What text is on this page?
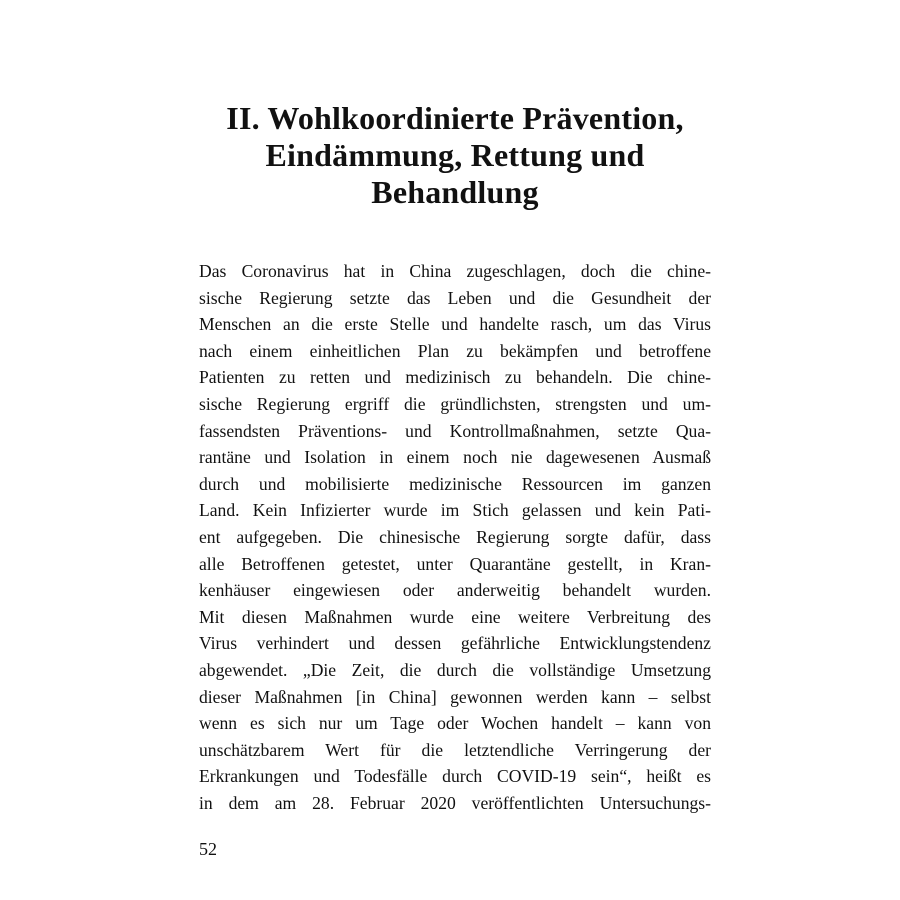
II. Wohlkoordinierte Prävention,
Eindämmung, Rettung und
Behandlung
Das Coronavirus hat in China zugeschlagen, doch die chine-
sische Regierung setzte das Leben und die Gesundheit der
Menschen an die erste Stelle und handelte rasch, um das Virus
nach einem einheitlichen Plan zu bekämpfen und betroffene
Patienten zu retten und medizinisch zu behandeln. Die chine-
sische Regierung ergriff die gründlichsten, strengsten und um-
fassendsten Präventions- und Kontrollmaßnahmen, setzte Qua-
rantäne und Isolation in einem noch nie dagewesenen Ausmaß
durch und mobilisierte medizinische Ressourcen im ganzen
Land. Kein Infizierter wurde im Stich gelassen und kein Pati-
ent aufgegeben. Die chinesische Regierung sorgte dafür, dass
alle Betroffenen getestet, unter Quarantäne gestellt, in Kran-
kenhäuser eingewiesen oder anderweitig behandelt wurden.
Mit diesen Maßnahmen wurde eine weitere Verbreitung des
Virus verhindert und dessen gefährliche Entwicklungstendenz
abgewendet. „Die Zeit, die durch die vollständige Umsetzung
dieser Maßnahmen [in China] gewonnen werden kann – selbst
wenn es sich nur um Tage oder Wochen handelt – kann von
unschätzbarem Wert für die letztendliche Verringerung der
Erkrankungen und Todesfälle durch COVID-19 sein“, heißt es
in dem am 28. Februar 2020 veröffentlichten Untersuchungs-

52
